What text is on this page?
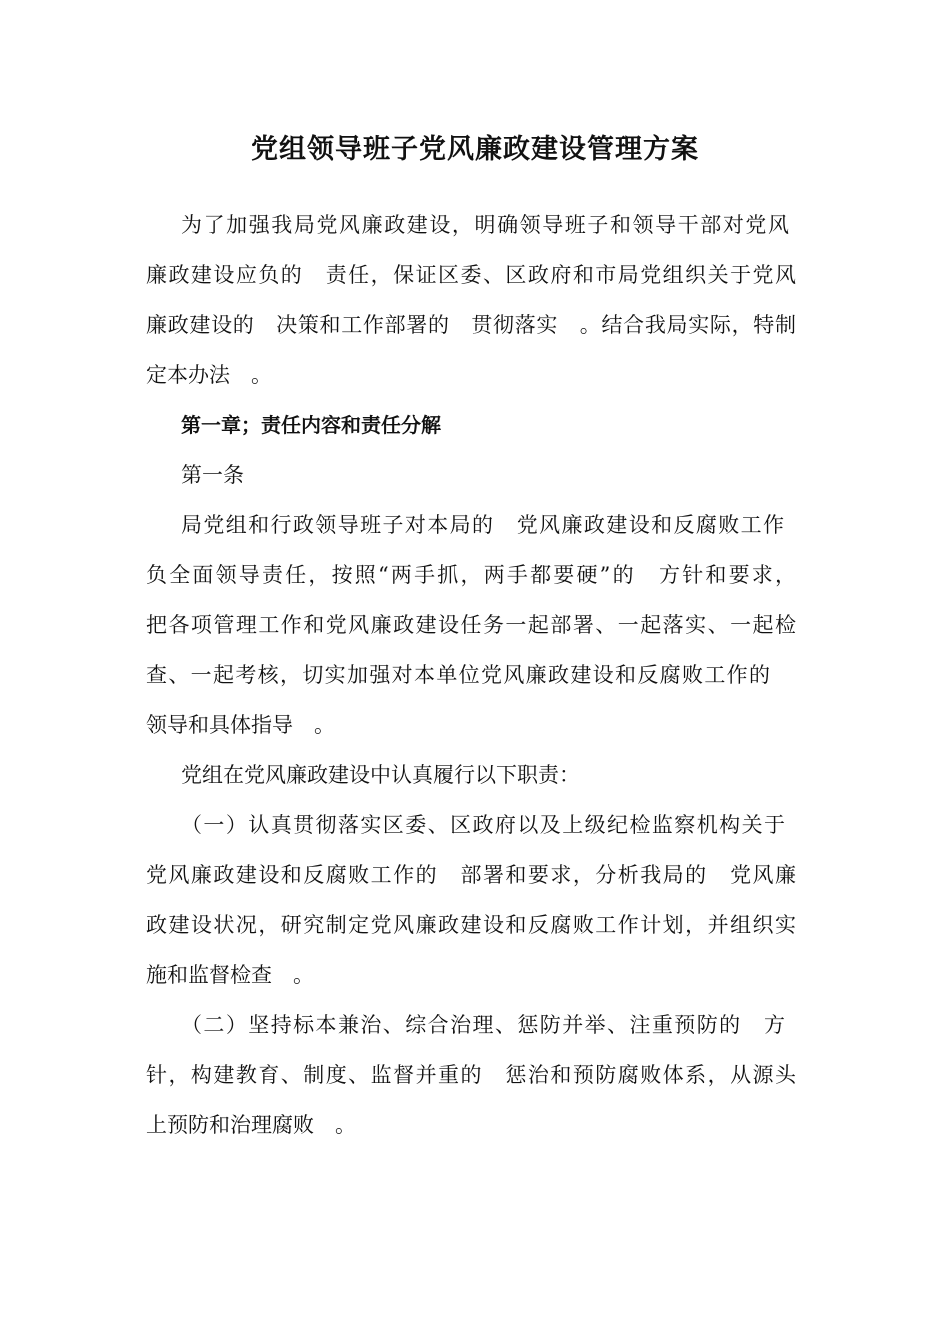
党组领导班子党风廉政建设管理方案
为了加强我局党风廉政建设，明确领导班子和领导干部对党风
廉政建设应负的　责任，保证区委、区政府和市局党组织关于党风
廉政建设的　决策和工作部署的　贯彻落实　。结合我局实际，特制
定本办法　。
第一章；责任内容和责任分解
第一条
局党组和行政领导班子对本局的　党风廉政建设和反腐败工作
负全面领导责任，按照“两手抓，两手都要硬”的　方针和要求，
把各项管理工作和党风廉政建设任务一起部署、一起落实、一起检
查、一起考核，切实加强对本单位党风廉政建设和反腐败工作的
领导和具体指导　。
党组在党风廉政建设中认真履行以下职责：
（一）认真贯彻落实区委、区政府以及上级纪检监察机构关于
党风廉政建设和反腐败工作的　部署和要求，分析我局的　党风廉
政建设状况，研究制定党风廉政建设和反腐败工作计划，并组织实
施和监督检查　。
（二）坚持标本兼治、综合治理、惩防并举、注重预防的　方
针，构建教育、制度、监督并重的　惩治和预防腐败体系，从源头
上预防和治理腐败　。
